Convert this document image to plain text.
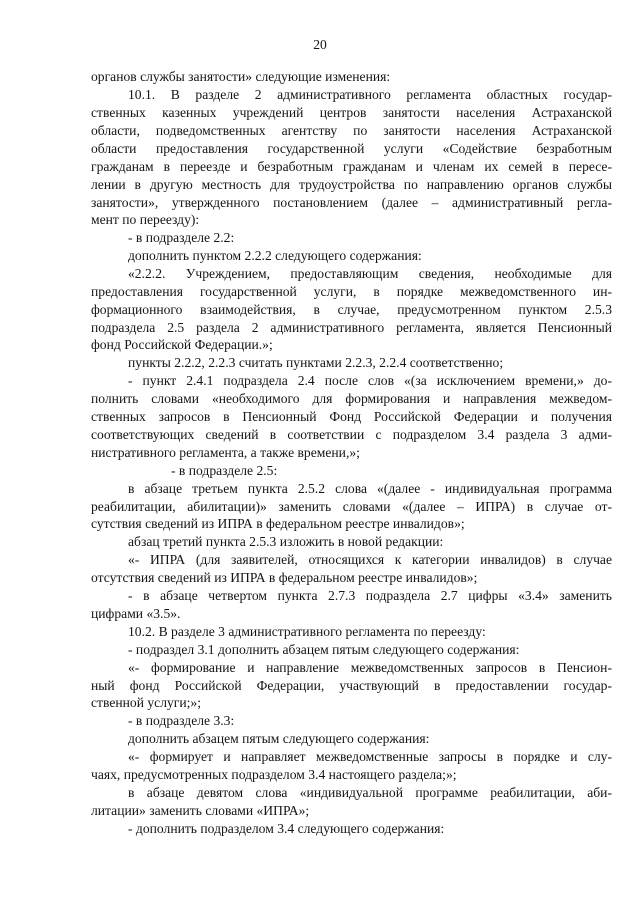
20
органов службы занятости» следующие изменения:
10.1. В разделе 2 административного регламента областных государ-
ственных казенных учреждений центров занятости населения Астраханской
области, подведомственных агентству по занятости населения Астраханской
области предоставления государственной услуги «Содействие безработным
гражданам в переезде и безработным гражданам и членам их семей в пересе-
лении в другую местность для трудоустройства по направлению органов службы
занятости», утвержденного постановлением (далее – административный регла-
мент по переезду):
- в подразделе 2.2:
дополнить пунктом 2.2.2 следующего содержания:
«2.2.2. Учреждением, предоставляющим сведения, необходимые для
предоставления государственной услуги, в порядке межведомственного ин-
формационного взаимодействия, в случае, предусмотренном пунктом 2.5.3
подраздела 2.5 раздела 2 административного регламента, является Пенсионный
фонд Российской Федерации.»;
пункты 2.2.2, 2.2.3 считать пунктами 2.2.3, 2.2.4 соответственно;
- пункт 2.4.1 подраздела 2.4 после слов «(за исключением времени,» до-
полнить словами «необходимого для формирования и направления межведом-
ственных запросов в Пенсионный Фонд Российской Федерации и получения
соответствующих сведений в соответствии с подразделом 3.4 раздела 3 адми-
нистративного регламента, а также времени,»;
- в подразделе 2.5:
в абзаце третьем пункта 2.5.2 слова «(далее - индивидуальная программа
реабилитации, абилитации)» заменить словами «(далее – ИПРА) в случае от-
сутствия сведений из ИПРА в федеральном реестре инвалидов»;
абзац третий пункта 2.5.3 изложить в новой редакции:
«- ИПРА (для заявителей, относящихся к категории инвалидов) в случае
отсутствия сведений из ИПРА в федеральном реестре инвалидов»;
- в абзаце четвертом пункта 2.7.3 подраздела 2.7 цифры «3.4» заменить
цифрами «3.5».
10.2. В разделе 3 административного регламента по переезду:
- подраздел 3.1 дополнить абзацем пятым следующего содержания:
«- формирование и направление межведомственных запросов в Пенсион-
ный фонд Российской Федерации, участвующий в предоставлении государ-
ственной услуги;»;
- в подразделе 3.3:
дополнить абзацем пятым следующего содержания:
«- формирует и направляет межведомственные запросы в порядке и слу-
чаях, предусмотренных подразделом 3.4 настоящего раздела;»;
в абзаце девятом слова «индивидуальной программе реабилитации, аби-
литации» заменить словами «ИПРА»;
- дополнить подразделом 3.4 следующего содержания:
